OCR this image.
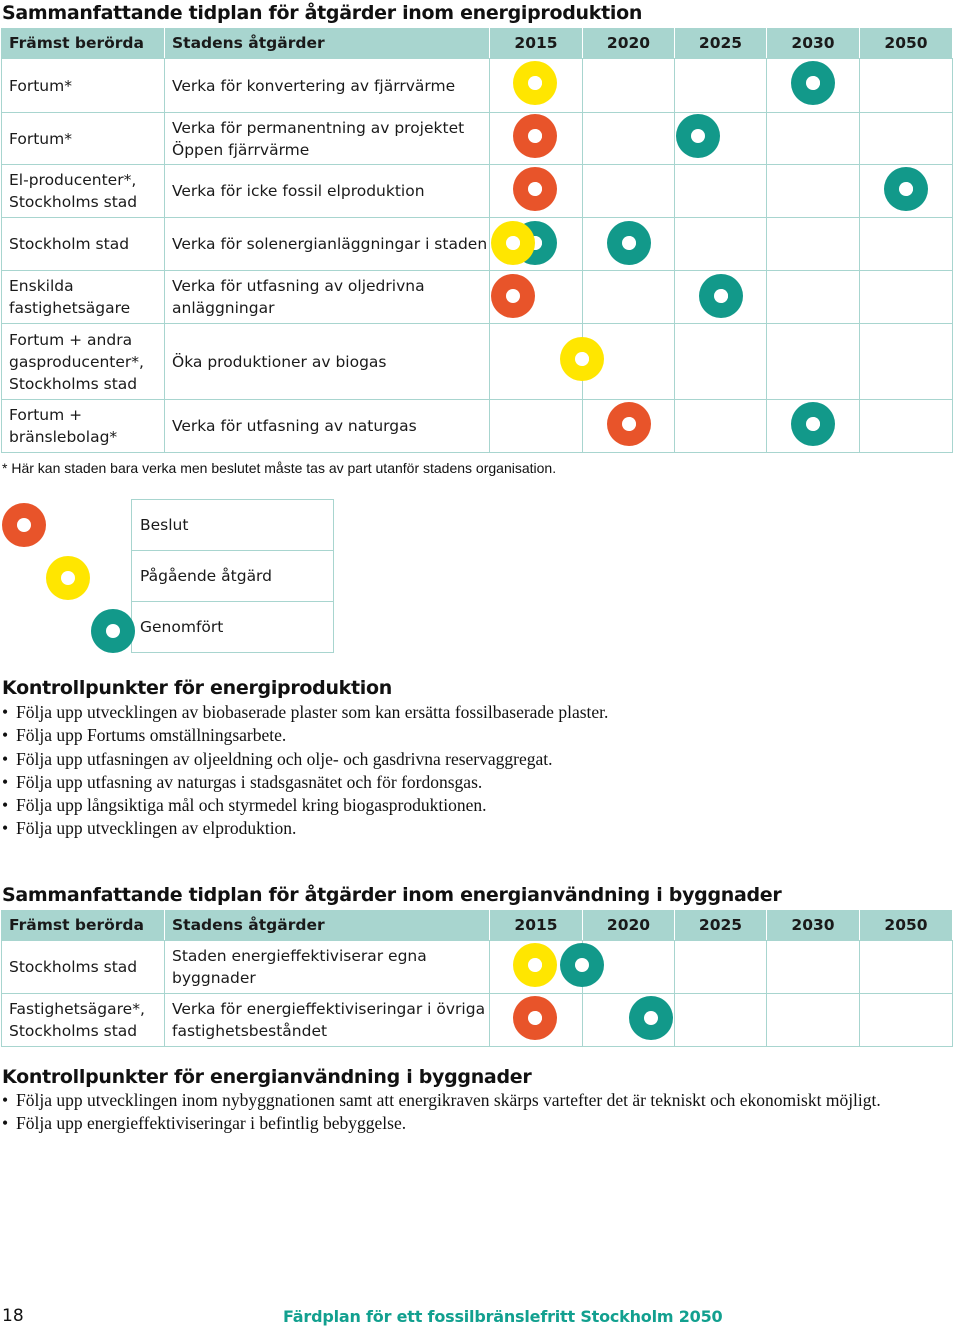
Sammanfattande tidplan för åtgärder inom energiproduktion
Främst berörda	Stadens åtgärder	2015	2020	2025	2030	2050
Fortum*	Verka för konvertering av fjärrvärme					
Fortum*	Verka för permanentning av projektet Öppen fjärrvärme					
El-producenter*, Stockholms stad	Verka för icke fossil elproduktion					
Stockholm stad	Verka för solenergianläggningar i staden					
Enskilda fastighetsägare	Verka för utfasning av oljedrivna anläggningar					
Fortum + andra gasproducenter*, Stockholms stad	Öka produktioner av biogas					
Fortum + bränslebolag*	Verka för utfasning av naturgas					
* Här kan staden bara verka men beslutet måste tas av part utanför stadens organisation.
	Beslut
	Pågående åtgärd
	Genomfört
Kontrollpunkter för energiproduktion
• Följa upp utvecklingen av biobaserade plaster som kan ersätta fossilbaserade plaster.
• Följa upp Fortums omställningsarbete.
• Följa upp utfasningen av oljeeldning och olje- och gasdrivna reservaggregat.
• Följa upp utfasning av naturgas i stadsgasnätet och för fordonsgas.
• Följa upp långsiktiga mål och styrmedel kring biogasproduktionen.
• Följa upp utvecklingen av elproduktion.
Sammanfattande tidplan för åtgärder inom energianvändning i byggnader
Främst berörda	Stadens åtgärder	2015	2020	2025	2030	2050
Stockholms stad	Staden energieffektiviserar egna byggnader					
Fastighetsägare*, Stockholms stad	Verka för energieffektiviseringar i övriga fastighetsbeståndet					
Kontrollpunkter för energianvändning i byggnader
• Följa upp utvecklingen inom nybyggnationen samt att energikraven skärps vartefter det är tekniskt och ekonomiskt möjligt.
• Följa upp energieffektiviseringar i befintlig bebyggelse.
18	Färdplan för ett fossilbränslefritt Stockholm 2050
